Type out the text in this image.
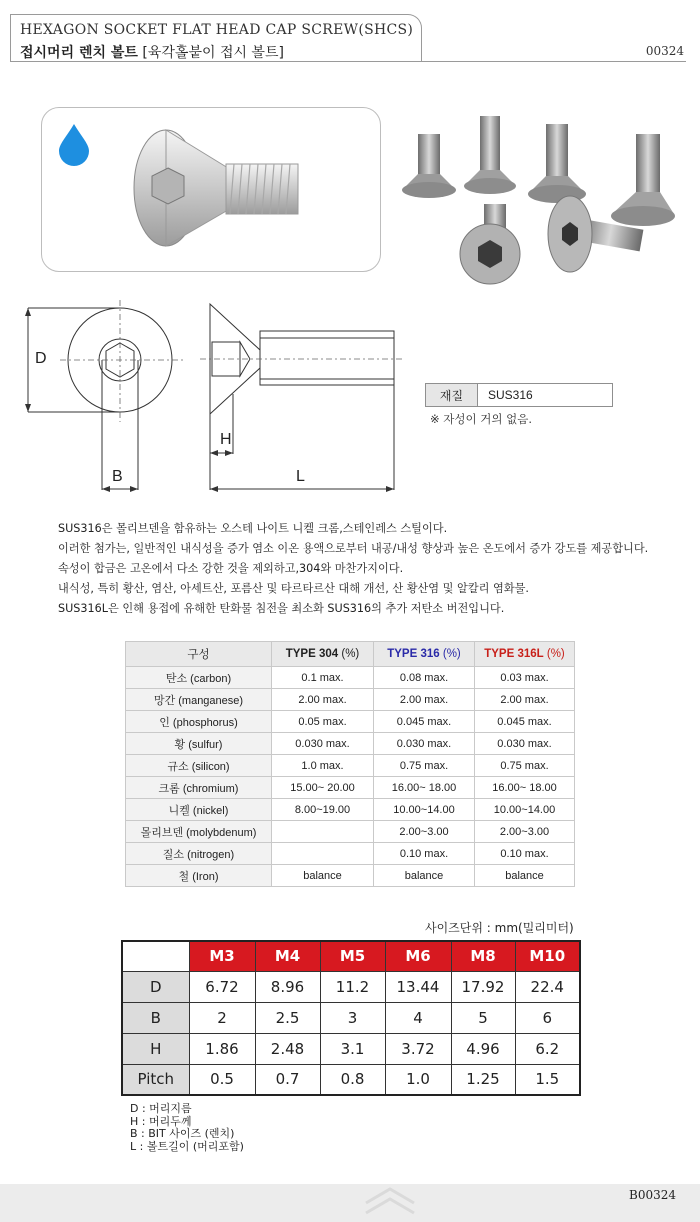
HEXAGON SOCKET FLAT HEAD CAP SCREW(SHCS)
접시머리 렌치 볼트 [육각홀붙이 접시 볼트]	00324
D
H
B	L
재질	SUS316
※ 자성이 거의 없음.

SUS316은 몰리브덴을 함유하는 오스테 나이트 니켈 크롬,스테인레스 스틸이다.

이러한 첨가는, 일반적인 내식성을 증가 염소 이온 용액으로부터 내공/내성 향상과 높은 온도에서 증가 강도를 제공합니다.

속성이 합금은 고온에서 다소 강한 것을 제외하고,304와 마찬가지이다.

내식성, 특히 황산, 염산, 아세트산, 포름산 및 타르타르산 대해 개선, 산 황산염 및 알칼리 염화물.

SUS316L은 인해 용접에 유해한 탄화물 침전을 최소화 SUS316의 추가 저탄소 버전입니다.

구성	TYPE 304 (%)	TYPE 316 (%)	TYPE 316L (%)
탄소 (carbon)	0.1 max.	0.08 max.	0.03 max.
망간 (manganese)	2.00 max.	2.00 max.	2.00 max.
인 (phosphorus)	0.05 max.	0.045 max.	0.045 max.
황 (sulfur)	0.030 max.	0.030 max.	0.030 max.
규소 (silicon)	1.0 max.	0.75 max.	0.75 max.
크롬 (chromium)	15.00~ 20.00	16.00~ 18.00	16.00~ 18.00
니켈 (nickel)	8.00~19.00	10.00~14.00	10.00~14.00
몰리브덴 (molybdenum)		2.00~3.00	2.00~3.00
질소 (nitrogen)		0.10 max.	0.10 max.
철 (Iron)	balance	balance	balance
사이즈단위 : mm(밀리미터)
	M3	M4	M5	M6	M8	M10
D	6.72	8.96	11.2	13.44	17.92	22.4
B	2	2.5	3	4	5	6
H	1.86	2.48	3.1	3.72	4.96	6.2
Pitch	0.5	0.7	0.8	1.0	1.25	1.5
D : 머리지름
H : 머리두께
B : BIT 사이즈 (렌치)
L : 볼트길이 (머리포함)
B00324
